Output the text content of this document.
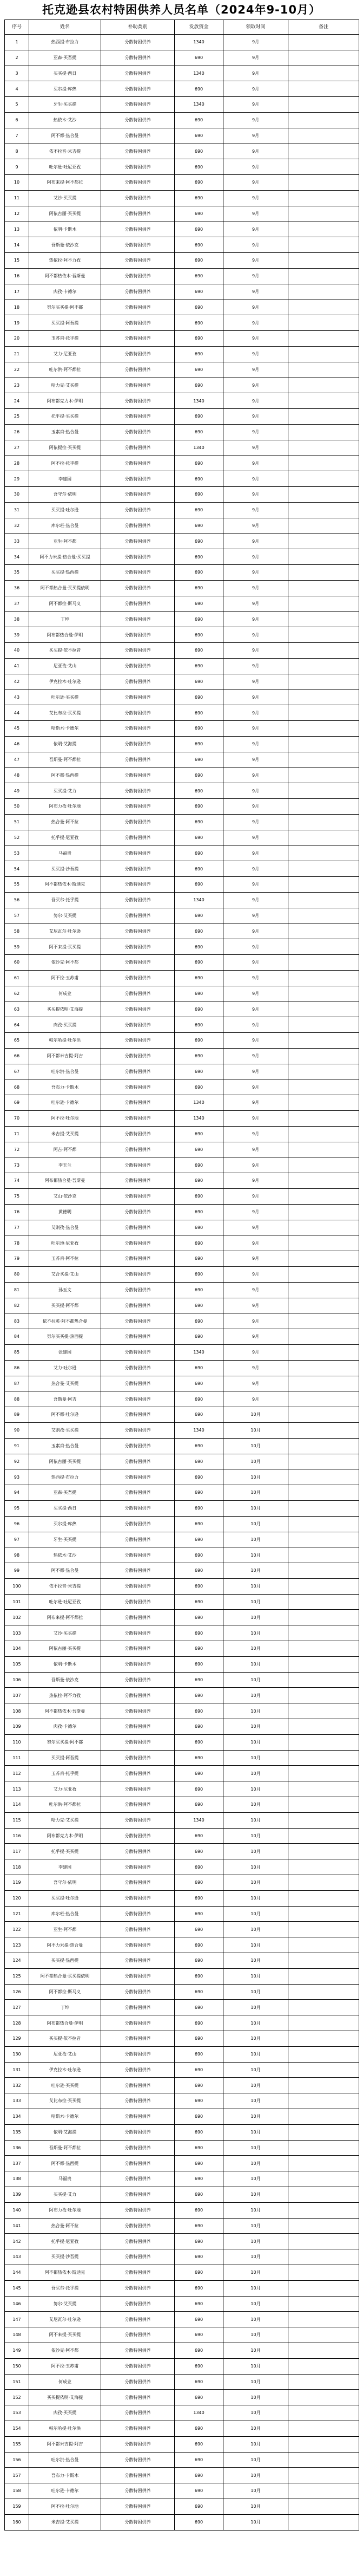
托克逊县农村特困供养人员名单（2024年9-10月）
序号	姓名	补助类别	发放资金	领取时间	备注
1	热西提·布拉力	分散特困供养	1340	9月	
2	亚森·买吾提	分散特困供养	690	9月	
3	买买提·西日	分散特困供养	1340	9月	
4	买尔提·库热	分散特困供养	690	9月	
5	牙生·买买提	分散特困供养	1340	9月	
6	热依木·艾沙	分散特困供养	690	9月	
7	阿不都·热合曼	分散特困供养	690	9月	
8	依不拉音·米吉提	分散特困供养	690	9月	
9	吐尔逊·吐尼亚孜	分散特困供养	690	9月	
10	阿布来提·阿不都拉	分散特困供养	690	9月	
11	艾沙·买买提	分散特困供养	690	9月	
12	阿依古丽·买买提	分散特困供养	690	9月	
13	依明·卡斯木	分散特困供养	690	9月	
14	吾斯曼·依沙克	分散特困供养	690	9月	
15	热依拉·阿不力孜	分散特困供养	690	9月	
16	阿不都热依木·吾斯曼	分散特困供养	690	9月	
17	肉孜·卡德尔	分散特困供养	690	9月	
18	努尔买买提·阿不都	分散特困供养	690	9月	
19	买买提·阿吾提	分散特困供养	690	9月	
20	玉苏甫·托乎提	分散特困供养	690	9月	
21	艾力·尼亚孜	分散特困供养	690	9月	
22	吐尔洪·阿不都拉	分散特困供养	690	9月	
23	哈力克·艾买提	分散特困供养	690	9月	
24	阿布都克力木·伊明	分散特困供养	1340	9月	
25	托乎提·买买提	分散特困供养	690	9月	
26	玉素甫·热合曼	分散特困供养	690	9月	
27	阿依提拉·买买提	分散特困供养	1340	9月	
28	阿不拉·托乎提	分散特困供养	690	9月	
29	李建国	分散特困供养	690	9月	
30	吾守尔·依明	分散特困供养	690	9月	
31	买买提·吐尔逊	分散特困供养	690	9月	
32	库尔班·热合曼	分散特困供养	690	9月	
33	亚生·阿不都	分散特困供养	690	9月	
34	阿不力米提·热合曼·买买提	分散特困供养	690	9月	
35	买买提·热西提	分散特困供养	690	9月	
36	阿不都热合曼·买买提依明	分散特困供养	690	9月	
37	阿不都拉·斯马义	分散特困供养	690	9月	
38	丁坤	分散特困供养	690	9月	
39	阿布都热合曼·伊明	分散特困供养	690	9月	
40	买买提·依不拉音	分散特困供养	690	9月	
41	尼亚孜·艾山	分散特困供养	690	9月	
42	伊克拉木·吐尔逊	分散特困供养	690	9月	
43	吐尔逊·买买提	分散特困供养	690	9月	
44	艾比布拉·买买提	分散特困供养	690	9月	
45	哈斯木·卡德尔	分散特困供养	690	9月	
46	依明·艾海提	分散特困供养	690	9月	
47	吾斯曼·阿不都拉	分散特困供养	690	9月	
48	阿不都·热西提	分散特困供养	690	9月	
49	买买提·艾力	分散特困供养	690	9月	
50	阿布力孜·吐尔地	分散特困供养	690	9月	
51	热合曼·阿不拉	分散特困供养	690	9月	
52	托乎提·尼亚孜	分散特困供养	690	9月	
53	马福贵	分散特困供养	690	9月	
54	买买提·沙吾提	分散特困供养	690	9月	
55	阿不都热依木·斯迪克	分散特困供养	690	9月	
56	吾买尔·托乎提	分散特困供养	1340	9月	
57	努尔·艾买提	分散特困供养	690	9月	
58	艾尼瓦尔·吐尔逊	分散特困供养	690	9月	
59	阿不来提·买买提	分散特困供养	690	9月	
60	依沙克·阿不都	分散特困供养	690	9月	
61	阿不拉·玉苏甫	分散特困供养	690	9月	
62	何成业	分散特困供养	690	9月	
63	买买提依明·艾海提	分散特困供养	690	9月	
64	肉孜·买买提	分散特困供养	690	9月	
65	帕尔哈提·吐尔洪	分散特困供养	690	9月	
66	阿不都米吉提·阿吉	分散特困供养	690	9月	
67	吐尔洪·热合曼	分散特困供养	690	9月	
68	吾布力·卡斯木	分散特困供养	690	9月	
69	吐尔逊·卡德尔	分散特困供养	1340	9月	
70	阿不拉·吐尔地	分散特困供养	1340	9月	
71	米吉提·艾买提	分散特困供养	690	9月	
72	阿吉·阿不都	分散特困供养	690	9月	
73	李玉兰	分散特困供养	690	9月	
74	阿布都热合曼·吾斯曼	分散特困供养	690	9月	
75	艾山·依沙克	分散特困供养	690	9月	
76	黄德明	分散特困供养	690	9月	
77	艾则孜·热合曼	分散特困供养	690	9月	
78	吐尔地·尼亚孜	分散特困供养	690	9月	
79	玉苏甫·阿不拉	分散特困供养	690	9月	
80	艾合买提·艾山	分散特困供养	690	9月	
81	孙玉文	分散特困供养	690	9月	
82	买买提·阿不都	分散特困供养	690	9月	
83	依不拉英·阿不都热合曼	分散特困供养	690	9月	
84	努尔买买提·热西提	分散特困供养	690	9月	
85	张建国	分散特困供养	1340	9月	
86	艾力·吐尔逊	分散特困供养	690	9月	
87	热合曼·艾买提	分散特困供养	690	9月	
88	吾斯曼·阿吉	分散特困供养	690	9月	
89	阿不都·吐尔逊	分散特困供养	690	10月	
90	艾则孜·买买提	分散特困供养	1340	10月	
91	玉素甫·热合曼	分散特困供养	690	10月	
92	阿依古丽·买买提	分散特困供养	690	10月	
93	热西提·布拉力	分散特困供养	690	10月	
94	亚森·买吾提	分散特困供养	690	10月	
95	买买提·西日	分散特困供养	690	10月	
96	买尔提·库热	分散特困供养	690	10月	
97	牙生·买买提	分散特困供养	690	10月	
98	热依木·艾沙	分散特困供养	690	10月	
99	阿不都·热合曼	分散特困供养	690	10月	
100	依不拉音·米吉提	分散特困供养	690	10月	
101	吐尔逊·吐尼亚孜	分散特困供养	690	10月	
102	阿布来提·阿不都拉	分散特困供养	690	10月	
103	艾沙·买买提	分散特困供养	690	10月	
104	阿依古丽·买买提	分散特困供养	690	10月	
105	依明·卡斯木	分散特困供养	690	10月	
106	吾斯曼·依沙克	分散特困供养	690	10月	
107	热依拉·阿不力孜	分散特困供养	690	10月	
108	阿不都热依木·吾斯曼	分散特困供养	690	10月	
109	肉孜·卡德尔	分散特困供养	690	10月	
110	努尔买买提·阿不都	分散特困供养	690	10月	
111	买买提·阿吾提	分散特困供养	690	10月	
112	玉苏甫·托乎提	分散特困供养	690	10月	
113	艾力·尼亚孜	分散特困供养	690	10月	
114	吐尔洪·阿不都拉	分散特困供养	690	10月	
115	哈力克·艾买提	分散特困供养	1340	10月	
116	阿布都克力木·伊明	分散特困供养	690	10月	
117	托乎提·买买提	分散特困供养	690	10月	
118	李建国	分散特困供养	690	10月	
119	吾守尔·依明	分散特困供养	690	10月	
120	买买提·吐尔逊	分散特困供养	690	10月	
121	库尔班·热合曼	分散特困供养	690	10月	
122	亚生·阿不都	分散特困供养	690	10月	
123	阿不力米提·热合曼	分散特困供养	690	10月	
124	买买提·热西提	分散特困供养	690	10月	
125	阿不都热合曼·买买提依明	分散特困供养	690	10月	
126	阿不都拉·斯马义	分散特困供养	690	10月	
127	丁坤	分散特困供养	690	10月	
128	阿布都热合曼·伊明	分散特困供养	690	10月	
129	买买提·依不拉音	分散特困供养	690	10月	
130	尼亚孜·艾山	分散特困供养	690	10月	
131	伊克拉木·吐尔逊	分散特困供养	690	10月	
132	吐尔逊·买买提	分散特困供养	690	10月	
133	艾比布拉·买买提	分散特困供养	690	10月	
134	哈斯木·卡德尔	分散特困供养	690	10月	
135	依明·艾海提	分散特困供养	690	10月	
136	吾斯曼·阿不都拉	分散特困供养	690	10月	
137	阿不都·热西提	分散特困供养	690	10月	
138	马福贵	分散特困供养	690	10月	
139	买买提·艾力	分散特困供养	690	10月	
140	阿布力孜·吐尔地	分散特困供养	690	10月	
141	热合曼·阿不拉	分散特困供养	690	10月	
142	托乎提·尼亚孜	分散特困供养	690	10月	
143	买买提·沙吾提	分散特困供养	690	10月	
144	阿不都热依木·斯迪克	分散特困供养	690	10月	
145	吾买尔·托乎提	分散特困供养	690	10月	
146	努尔·艾买提	分散特困供养	690	10月	
147	艾尼瓦尔·吐尔逊	分散特困供养	690	10月	
148	阿不来提·买买提	分散特困供养	690	10月	
149	依沙克·阿不都	分散特困供养	690	10月	
150	阿不拉·玉苏甫	分散特困供养	690	10月	
151	何成业	分散特困供养	690	10月	
152	买买提依明·艾海提	分散特困供养	690	10月	
153	肉孜·买买提	分散特困供养	1340	10月	
154	帕尔哈提·吐尔洪	分散特困供养	690	10月	
155	阿不都米吉提·阿吉	分散特困供养	690	10月	
156	吐尔洪·热合曼	分散特困供养	690	10月	
157	吾布力·卡斯木	分散特困供养	690	10月	
158	吐尔逊·卡德尔	分散特困供养	690	10月	
159	阿不拉·吐尔地	分散特困供养	690	10月	
160	米吉提·艾买提	分散特困供养	690	10月	
